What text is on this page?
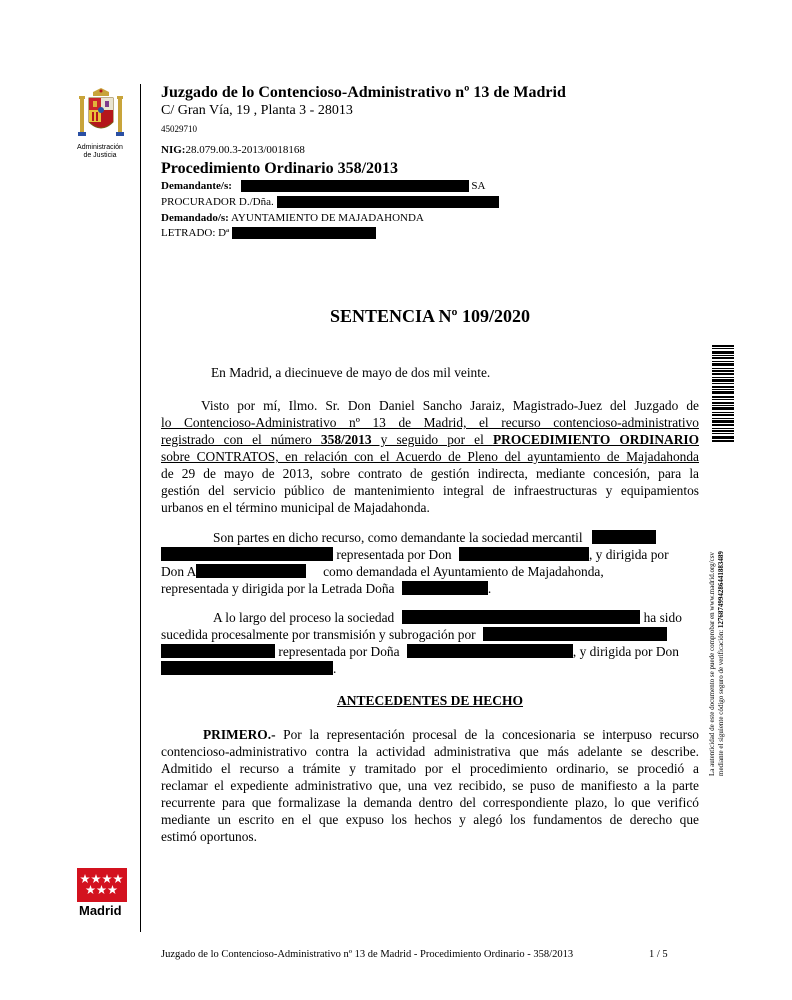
Administración
de Justicia
Juzgado de lo Contencioso-Administrativo nº 13 de Madrid
C/ Gran Vía, 19 , Planta 3 - 28013
45029710
NIG:28.079.00.3-2013/0018168
Procedimiento Ordinario 358/2013
Demandante/s:	SA
PROCURADOR D./Dña.
Demandado/s: AYUNTAMIENTO DE MAJADAHONDA
LETRADO: Dª
SENTENCIA Nº 109/2020
En Madrid, a diecinueve de mayo de dos mil veinte.
Visto por mí, Ilmo. Sr. Don Daniel Sancho Jaraiz, Magistrado-Juez del Juzgado de
lo Contencioso-Administrativo nº 13 de Madrid, el recurso contencioso-administrativo
registrado con el número 358/2013 y seguido por el PROCEDIMIENTO ORDINARIO
sobre CONTRATOS, en relación con el Acuerdo de Pleno del ayuntamiento de Majadahonda
de 29 de mayo de 2013, sobre contrato de gestión indirecta, mediante concesión, para la
gestión del servicio público de mantenimiento integral de infraestructuras y equipamientos
urbanos en el término municipal de Majadahonda.
Son partes en dicho recurso, como demandante la sociedad mercantil
representada por Don	, y dirigida por
Don A	como demandada el Ayuntamiento de Majadahonda,
representada y dirigida por la Letrada Doña	.
A lo largo del proceso la sociedad	ha sido
sucedida procesalmente por transmisión y subrogación por
representada por Doña	, y dirigida por Don
.
ANTECEDENTES DE HECHO
PRIMERO.- Por la representación procesal de la concesionaria se interpuso recurso
contencioso-administrativo contra la actividad administrativa que más adelante se describe.
Admitido el recurso a trámite y tramitado por el procedimiento ordinario, se procedió a
reclamar el expediente administrativo que, una vez recibido, se puso de manifiesto a la parte
recurrente para que formalizase la demanda dentro del correspondiente plazo, lo que verificó
mediante un escrito en el que expuso los hechos y alegó los fundamentos de derecho que
estimó oportunos.
La autenticidad de este documento se puede comprobar en www.madrid.org/csv mediante el siguiente código seguro de verificación: 1276874994286441883489
Madrid
Juzgado de lo Contencioso-Administrativo nº 13 de Madrid - Procedimiento Ordinario - 358/2013	1 / 5
